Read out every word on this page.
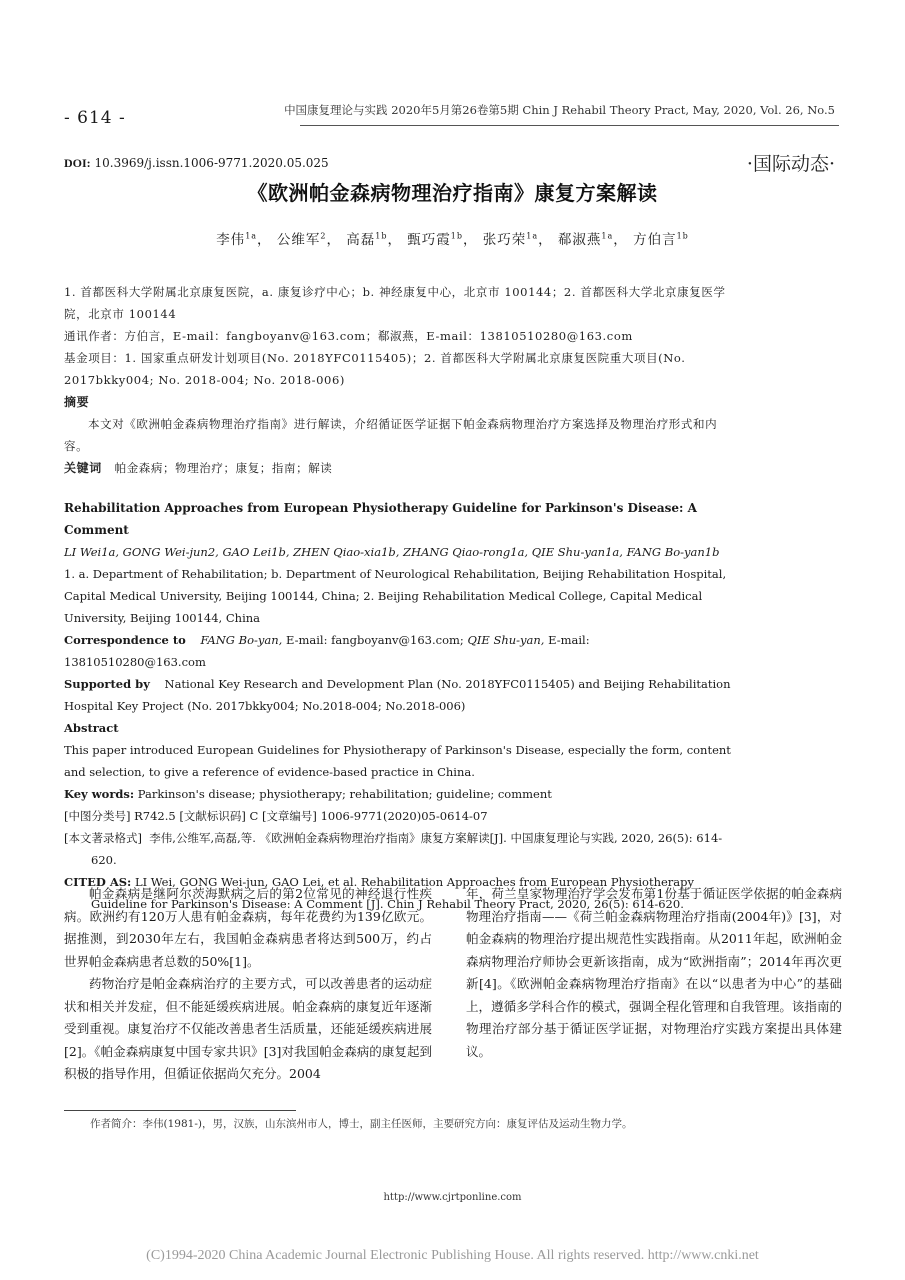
- 614 -	中国康复理论与实践 2020年5月第26卷第5期 Chin J Rehabil Theory Pract, May, 2020, Vol. 26, No.5
DOI: 10.3969/j.issn.1006-9771.2020.05.025	·国际动态·
《欧洲帕金森病物理治疗指南》康复方案解读
李伟$^{1a}$， 公维军$^2$， 高磊$^{1b}$， 甄巧霞$^{1b}$， 张巧荣$^{1a}$， 郗淑燕$^{1a}$， 方伯言$^{1b}$

1. 首都医科大学附属北京康复医院，a. 康复诊疗中心；b. 神经康复中心，北京市 100144；2. 首都医科大学北京康复医学院，北京市 100144

通讯作者：方伯言，E-mail：fangboyanv@163.com；郗淑燕，E-mail：13810510280@163.com

基金项目：1. 国家重点研发计划项目(No. 2018YFC0115405)；2. 首都医科大学附属北京康复医院重大项目(No. 2017bkky004; No. 2018-004; No. 2018-006)

摘要

本文对《欧洲帕金森病物理治疗指南》进行解读，介绍循证医学证据下帕金森病物理治疗方案选择及物理治疗形式和内容。

关键词 帕金森病；物理治疗；康复；指南；解读

Rehabilitation Approaches from European Physiotherapy Guideline for Parkinson's Disease: A Comment

LI Wei1a, GONG Wei-jun2, GAO Lei1b, ZHEN Qiao-xia1b, ZHANG Qiao-rong1a, QIE Shu-yan1a, FANG Bo-yan1b

1. a. Department of Rehabilitation; b. Department of Neurological Rehabilitation, Beijing Rehabilitation Hospital, Capital Medical University, Beijing 100144, China; 2. Beijing Rehabilitation Medical College, Capital Medical University, Beijing 100144, China

Correspondence to FANG Bo-yan, E-mail: fangboyanv@163.com; QIE Shu-yan, E-mail: 13810510280@163.com

Supported by National Key Research and Development Plan (No. 2018YFC0115405) and Beijing Rehabilitation Hospital Key Project (No. 2017bkky004; No.2018-004; No.2018-006)

Abstract

This paper introduced European Guidelines for Physiotherapy of Parkinson's Disease, especially the form, content and selection, to give a reference of evidence-based practice in China.

Key words: Parkinson's disease; physiotherapy; rehabilitation; guideline; comment

[中图分类号] R742.5 [文献标识码] C [文章编号] 1006-9771(2020)05-0614-07

[本文著录格式] 李伟,公维军,高磊,等. 《欧洲帕金森病物理治疗指南》康复方案解读[J]. 中国康复理论与实践, 2020, 26(5): 614-620.

CITED AS: LI Wei, GONG Wei-jun, GAO Lei, et al. Rehabilitation Approaches from European Physiotherapy Guideline for Parkinson's Disease: A Comment [J]. Chin J Rehabil Theory Pract, 2020, 26(5): 614-620.

帕金森病是继阿尔茨海默病之后的第2位常见的神经退行性疾病。欧洲约有120万人患有帕金森病，每年花费约为139亿欧元。据推测，到2030年左右，我国帕金森病患者将达到500万，约占世界帕金森病患者总数的50%[1]。

药物治疗是帕金森病治疗的主要方式，可以改善患者的运动症状和相关并发症，但不能延缓疾病进展。帕金森病的康复近年逐渐受到重视。康复治疗不仅能改善患者生活质量，还能延缓疾病进展[2]。《帕金森病康复中国专家共识》[3]对我国帕金森病的康复起到积极的指导作用，但循证依据尚欠充分。2004

年，荷兰皇家物理治疗学会发布第1份基于循证医学依据的帕金森病物理治疗指南——《荷兰帕金森病物理治疗指南(2004年)》[3]，对帕金森病的物理治疗提出规范性实践指南。从2011年起，欧洲帕金森病物理治疗师协会更新该指南，成为“欧洲指南”；2014年再次更新[4]。《欧洲帕金森病物理治疗指南》在以“以患者为中心”的基础上，遵循多学科合作的模式，强调全程化管理和自我管理。该指南的物理治疗部分基于循证医学证据，对物理治疗实践方案提出具体建议。

作者简介：李伟(1981-)，男，汉族，山东滨州市人，博士，副主任医师，主要研究方向：康复评估及运动生物力学。
http://www.cjrtponline.com
(C)1994-2020 China Academic Journal Electronic Publishing House. All rights reserved. http://www.cnki.net
